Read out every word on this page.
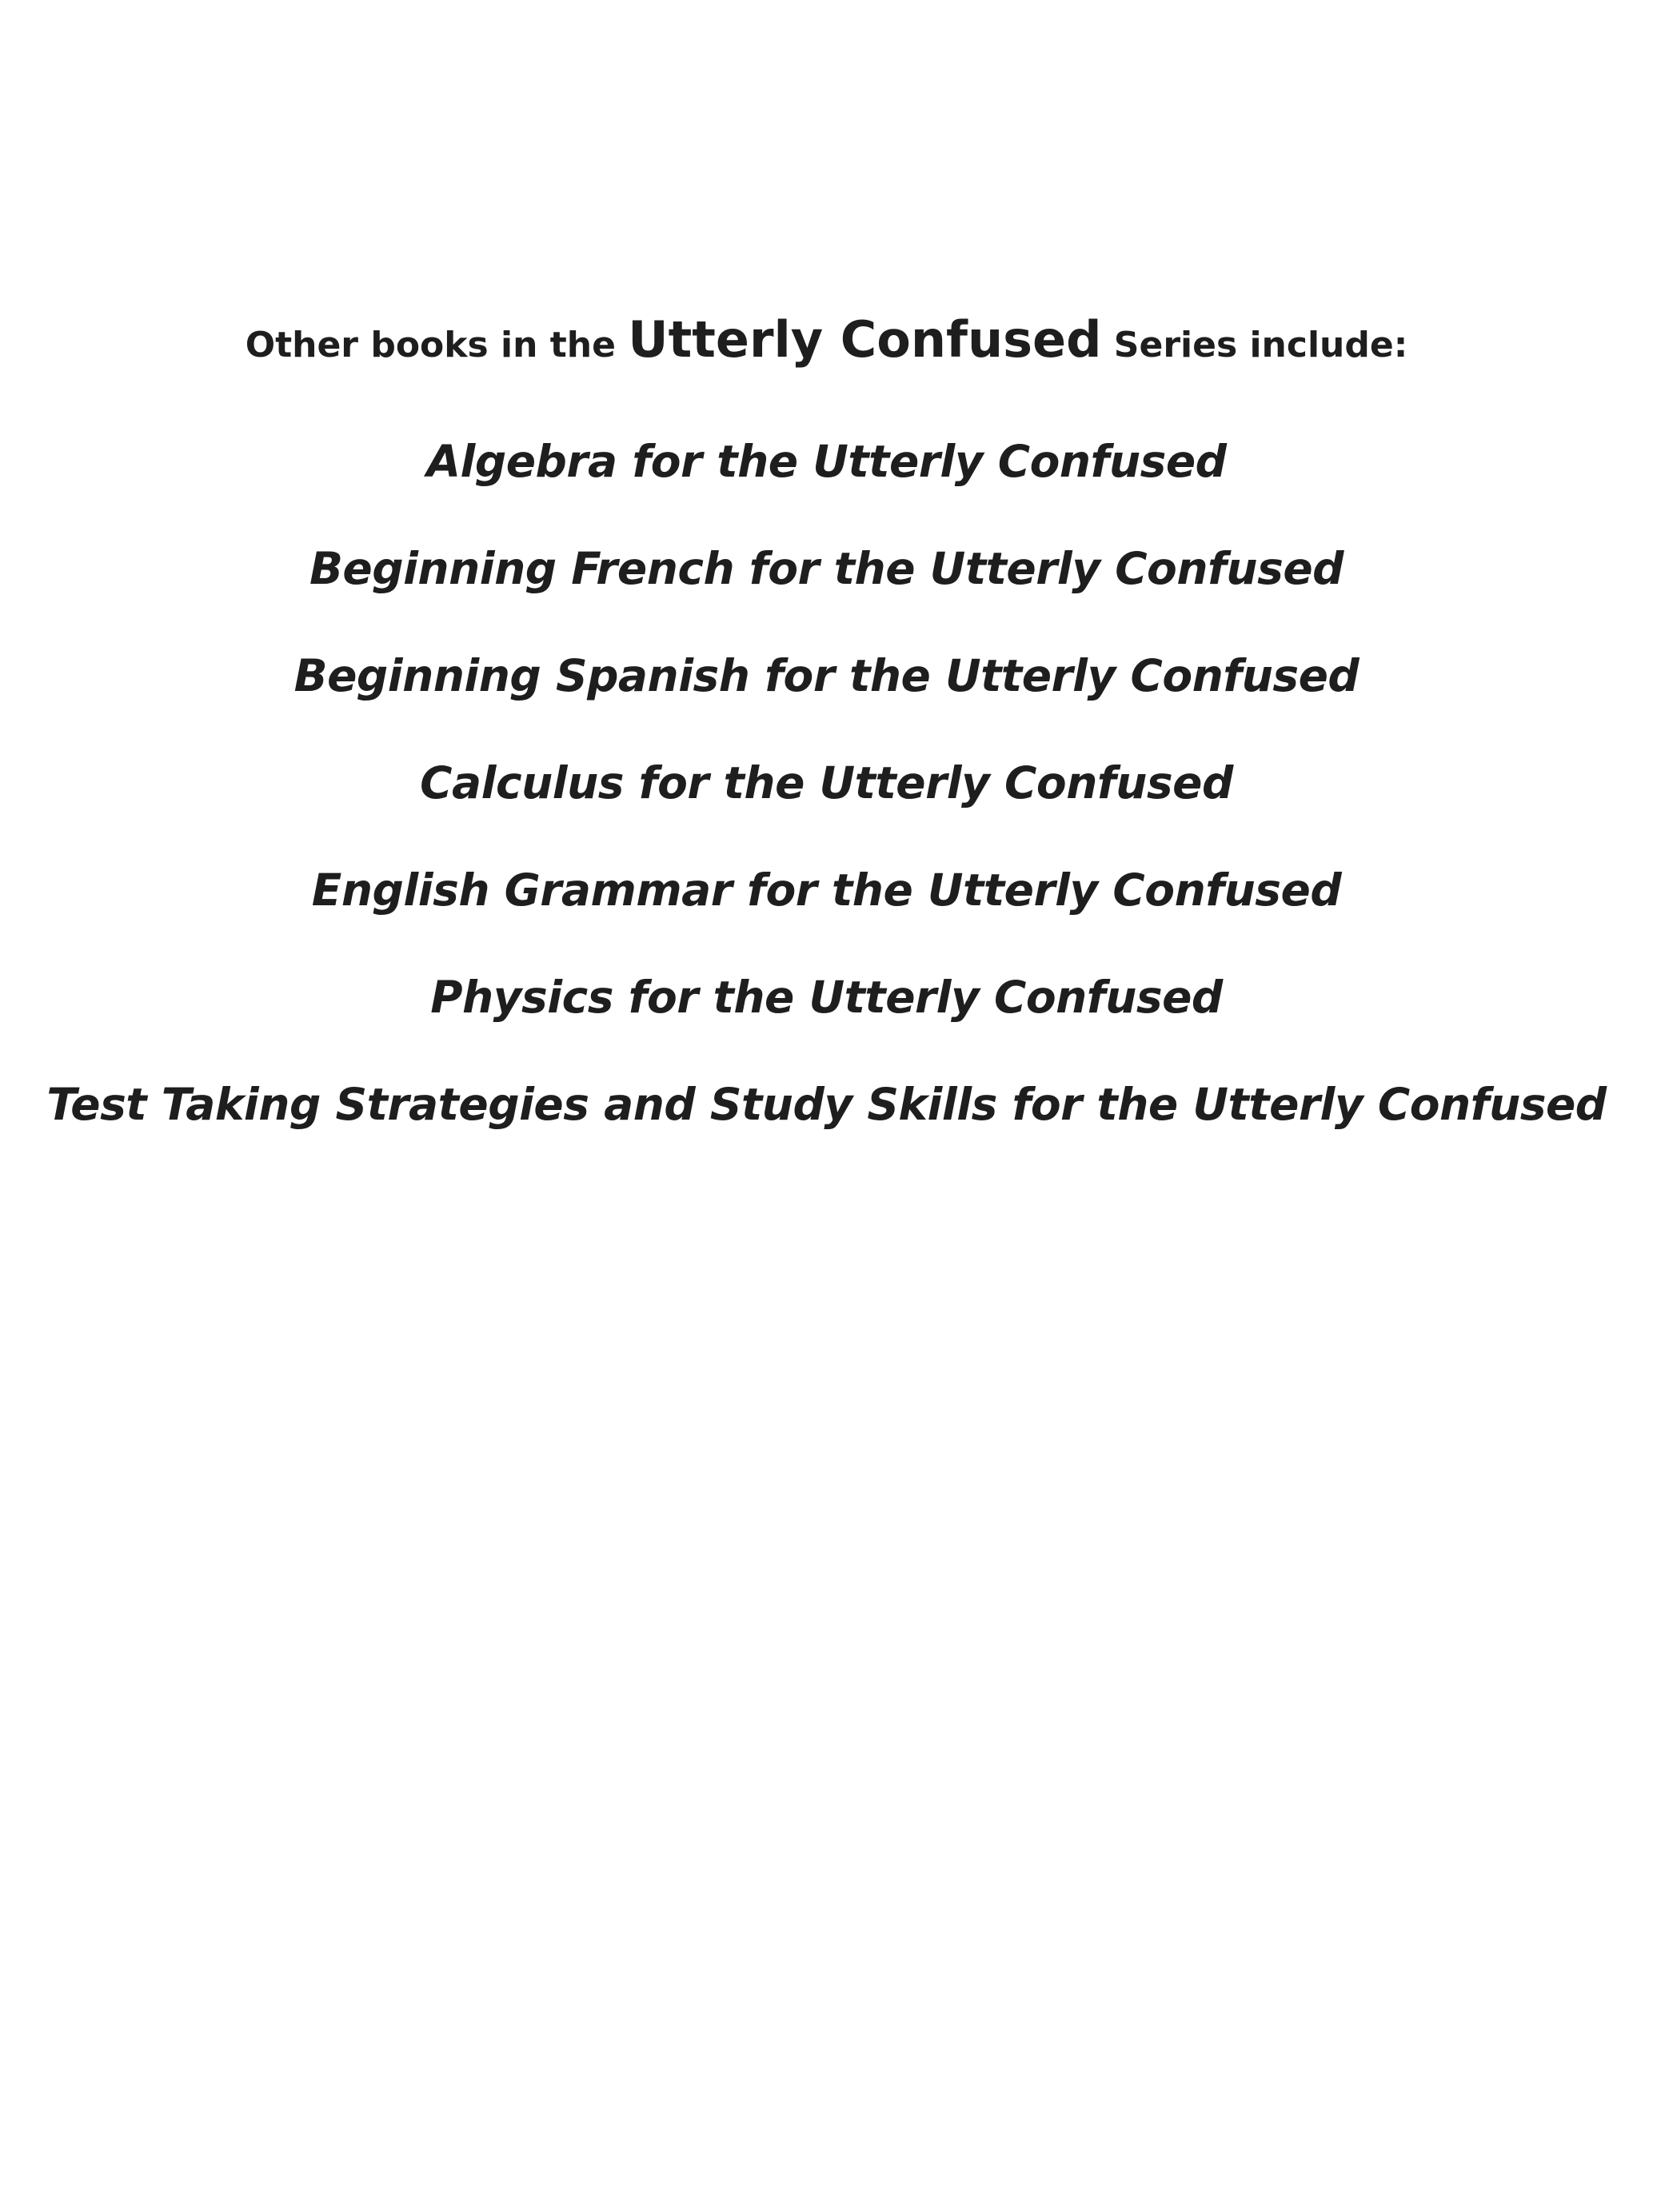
Other books in the Utterly Confused Series include:
Algebra for the Utterly Confused
Beginning French for the Utterly Confused
Beginning Spanish for the Utterly Confused
Calculus for the Utterly Confused
English Grammar for the Utterly Confused
Physics for the Utterly Confused
Test Taking Strategies and Study Skills for the Utterly Confused
